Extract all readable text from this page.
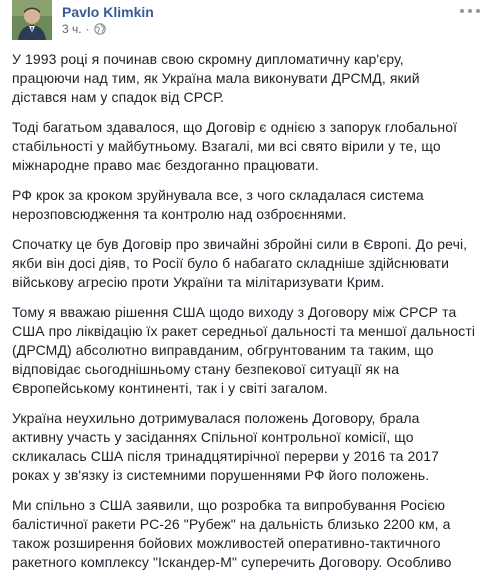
Pavlo Klimkin
3 ч. ·
У 1993 році я починав свою скромну дипломатичну кар'єру,
працюючи над тим, як Україна мала виконувати ДРСМД, який
дістався нам у спадок від СРСР.
Тоді багатьом здавалося, що Договір є однією з запорук глобальної
стабільності у майбутньому. Взагалі, ми всі свято вірили у те, що
міжнародне право має бездоганно працювати.
РФ крок за кроком зруйнувала все, з чого складалася система
нерозповсюдження та контролю над озброєннями.
Спочатку це був Договір про звичайні збройні сили в Європі. До речі,
якби він досі діяв, то Росії було б набагато складніше здійснювати
військову агресію проти України та мілітаризувати Крим.
Тому я вважаю рішення США щодо виходу з Договору між СРСР та
США про ліквідацію їх ракет середньої дальності та меншої дальності
(ДРСМД) абсолютно виправданим, обгрунтованим та таким, що
відповідає сьогоднішньому стану безпекової ситуації як на
Європейському континенті, так і у світі загалом.
Україна неухильно дотримувалася положень Договору, брала
активну участь у засіданнях Спільної контрольної комісії, що
скликалась США після тринадцятирічної перерви у 2016 та 2017
роках у зв'язку із системними порушеннями РФ його положень.
Ми спільно з США заявили, що розробка та випробування Росією
балістичної ракети РС-26 "Рубеж" на дальність близько 2200 км, а
також розширення бойових можливостей оперативно-тактичного
ракетного комплексу "Іскандер-М" суперечить Договору. Особливо
